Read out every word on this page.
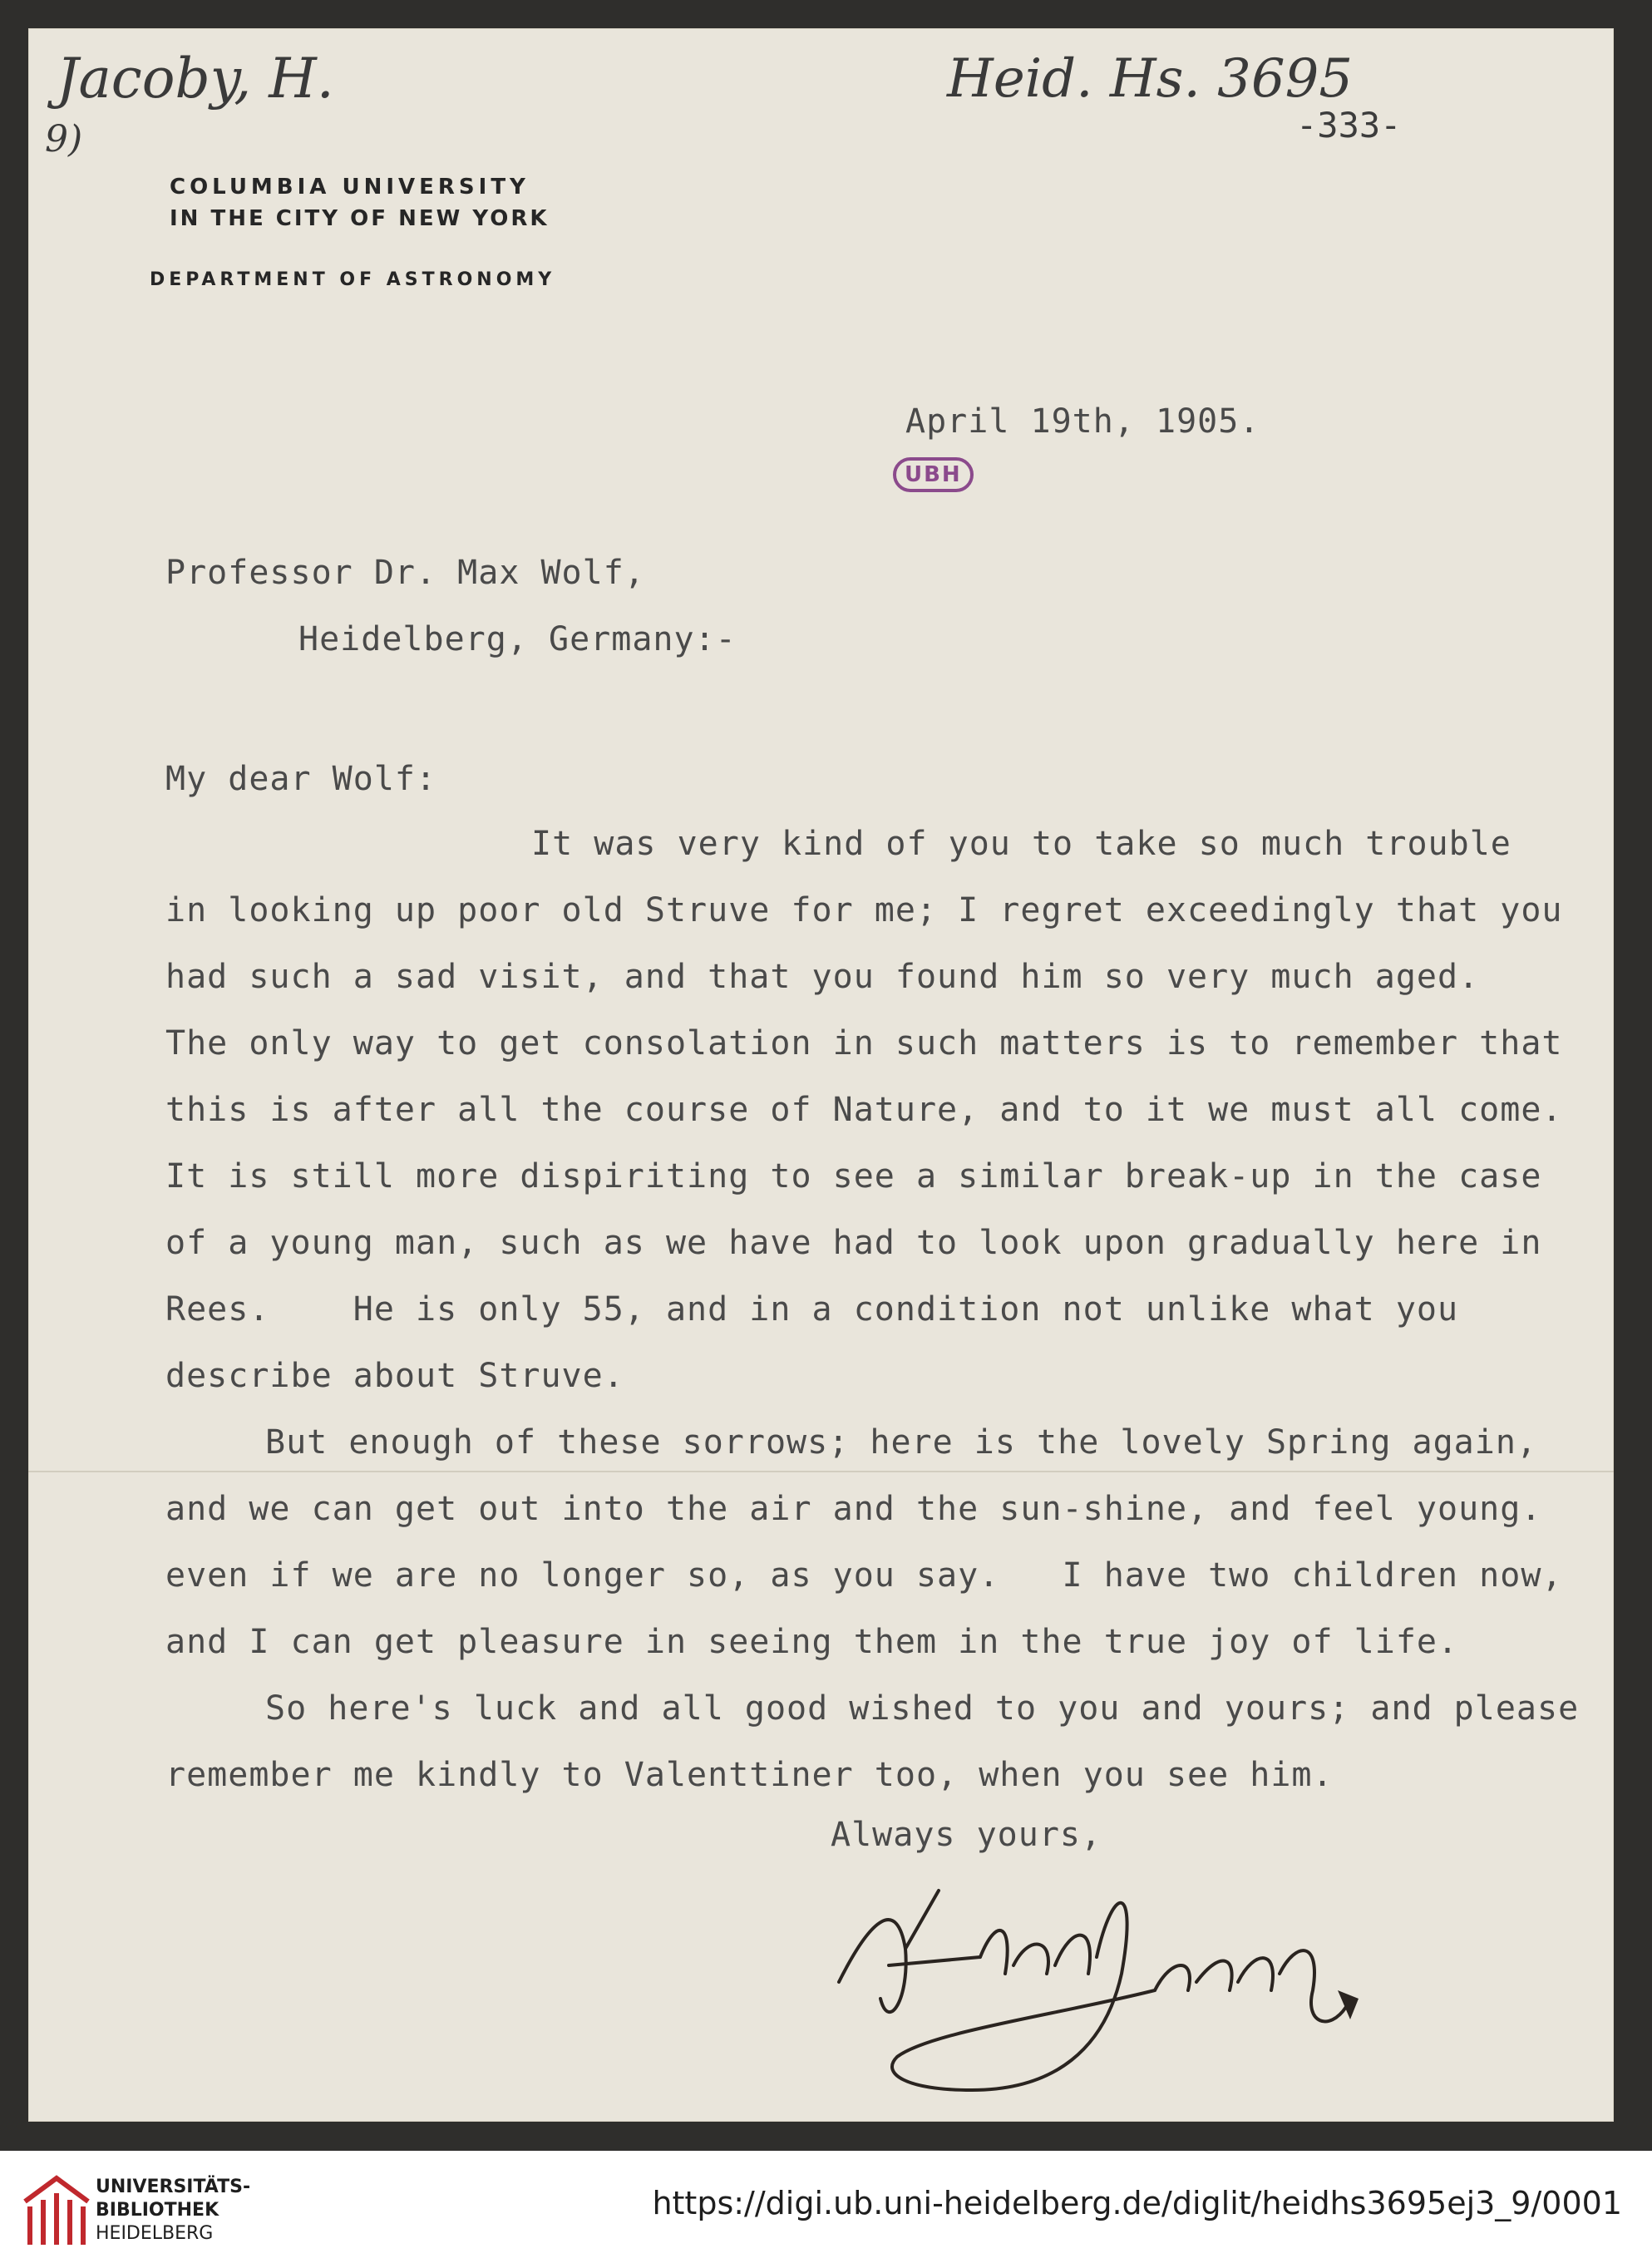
Jacoby, H.
9)
Heid. Hs. 3695
-333-
COLUMBIA UNIVERSITY
IN THE CITY OF NEW YORK
DEPARTMENT OF ASTRONOMY
April 19th, 1905.
UBH
Professor Dr. Max Wolf,
Heidelberg, Germany:-
My dear Wolf:
It was very kind of you to take so much trouble
in looking up poor old Struve for me; I regret exceedingly that you
had such a sad visit, and that you found him so very much aged.
The only way to get consolation in such matters is to remember that
this is after all the course of Nature, and to it we must all come.
It is still more dispiriting to see a similar break-up in the case
of a young man, such as we have had to look upon gradually here in
Rees.    He is only 55, and in a condition not unlike what you
describe about Struve.
But enough of these sorrows; here is the lovely Spring again,
and we can get out into the air and the sun-shine, and feel young.
even if we are no longer so, as you say.   I have two children now,
and I can get pleasure in seeing them in the true joy of life.
So here's luck and all good wished to you and yours; and please
remember me kindly to Valenttiner too, when you see him.
Always yours,
UNIVERSITÄTS-
BIBLIOTHEK
HEIDELBERG
https://digi.ub.uni-heidelberg.de/diglit/heidhs3695ej3_9/0001
